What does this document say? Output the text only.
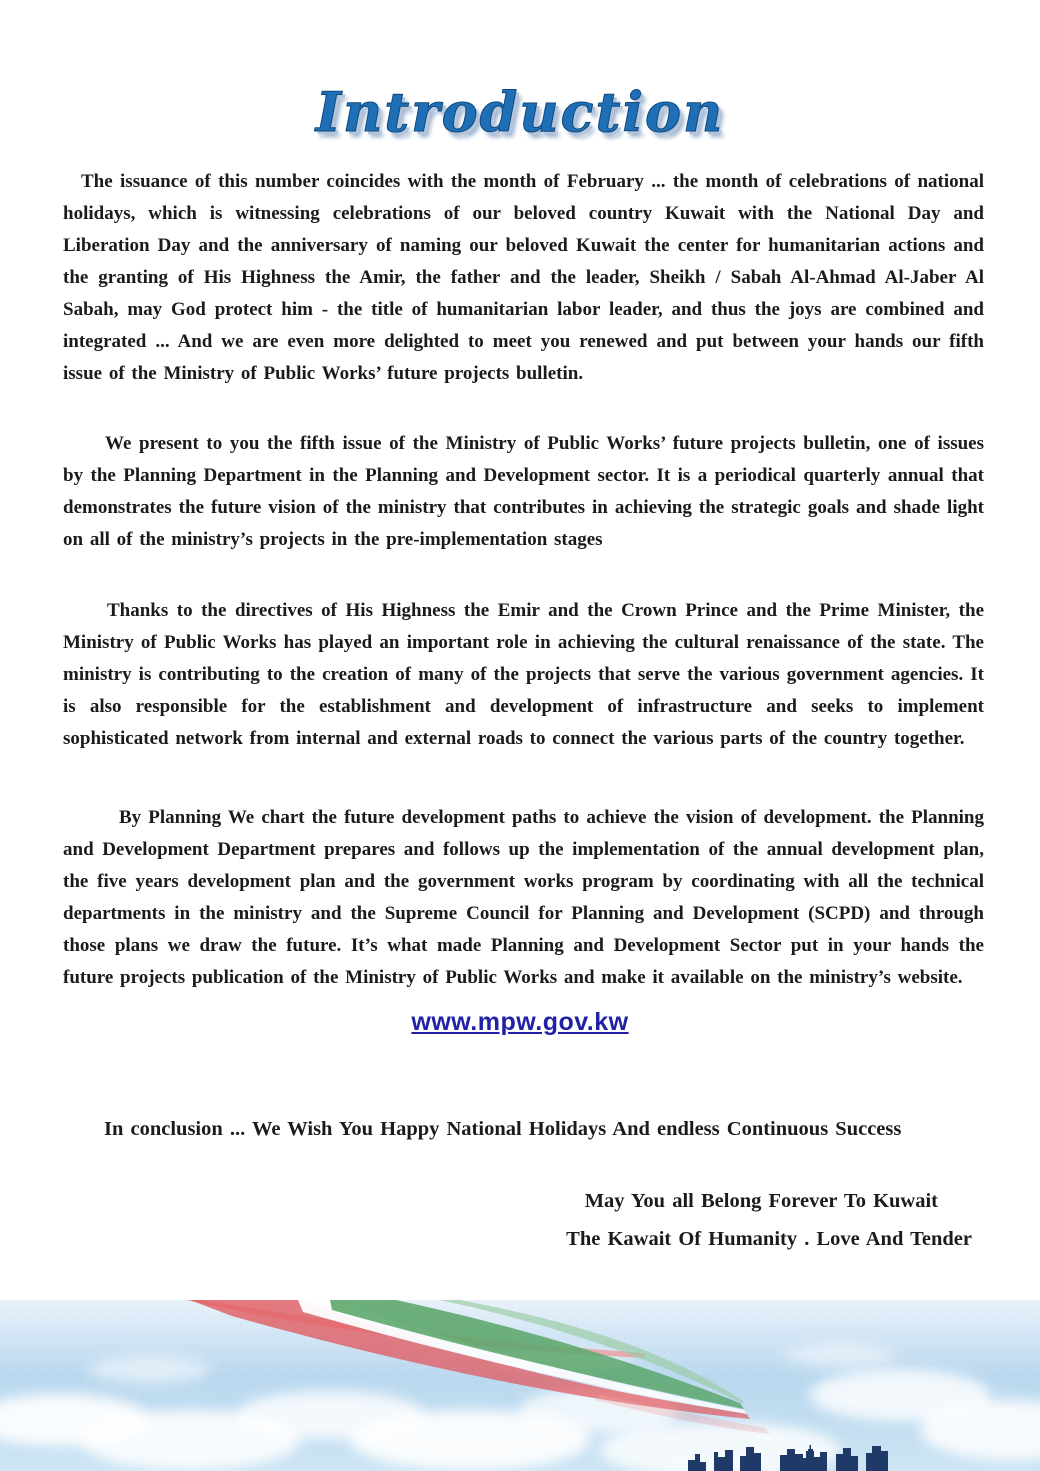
Introduction

The issuance of this number coincides with the month of February ... the month of celebrations of national holidays, which is witnessing celebrations of our beloved country Kuwait with the National Day and Liberation Day and the anniversary of naming our beloved Kuwait the center for humanitarian actions and the granting of His Highness the Amir, the father and the leader, Sheikh / Sabah Al-Ahmad Al-Jaber Al Sabah, may God protect him - the title of humanitarian labor leader, and thus the joys are combined and integrated ... And we are even more delighted to meet you renewed and put between your hands our fifth issue of the Ministry of Public Works’ future projects bulletin.

We present to you the fifth issue of the Ministry of Public Works’ future projects bulletin, one of issues by the Planning Department in the Planning and Development sector. It is a periodical quarterly annual that demonstrates the future vision of the ministry that contributes in achieving the strategic goals and shade light on all of the ministry’s projects in the pre-implementation stages

Thanks to the directives of His Highness the Emir and the Crown Prince and the Prime Minister, the Ministry of Public Works has played an important role in achieving the cultural renaissance of the state. The ministry is contributing to the creation of many of the projects that serve the various government agencies. It is also responsible for the establishment and development of infrastructure and seeks to implement sophisticated network from internal and external roads to connect the various parts of the country together.

By Planning We chart the future development paths to achieve the vision of development. the Planning and Development Department prepares and follows up the implementation of the annual development plan, the five years development plan and the government works program by coordinating with all the technical departments in the ministry and the Supreme Council for Planning and Development (SCPD) and through those plans we draw the future. It’s what made Planning and Development Sector put in your hands the future projects publication of the Ministry of Public Works and make it available on the ministry’s website.

www.mpw.gov.kw

In conclusion ... We Wish You Happy National Holidays And endless Continuous Success

May You all Belong Forever To Kuwait

The Kawait Of Humanity . Love And Tender
